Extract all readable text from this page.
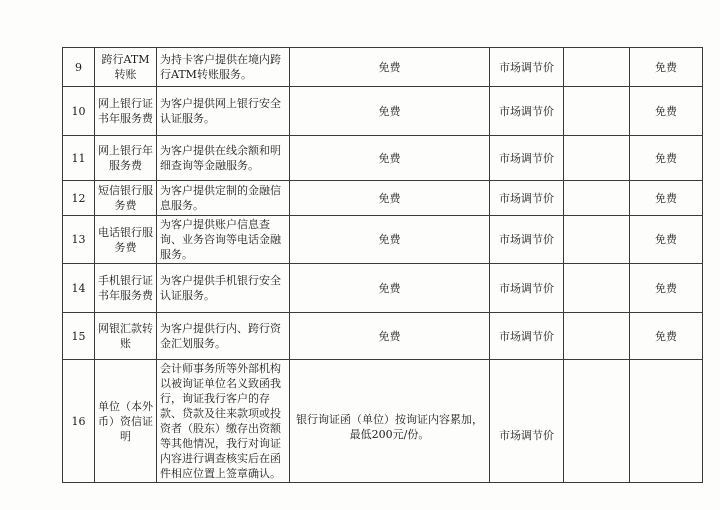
9	跨行ATM转账	为持卡客户提供在境内跨行ATM转账服务。	免费	市场调节价		免费
10	网上银行证书年服务费	为客户提供网上银行安全认证服务。	免费	市场调节价		免费
11	网上银行年服务费	为客户提供在线余额和明细查询等金融服务。	免费	市场调节价		免费
12	短信银行服务费	为客户提供定制的金融信息服务。	免费	市场调节价		免费
13	电话银行服务费	为客户提供账户信息查询、业务咨询等电话金融服务。	免费	市场调节价		免费
14	手机银行证书年服务费	为客户提供手机银行安全认证服务。	免费	市场调节价		免费
15	网银汇款转账	为客户提供行内、跨行资金汇划服务。	免费	市场调节价		免费
16	单位（本外币）资信证明	会计师事务所等外部机构以被询证单位名义致函我行，询证我行客户的存款、贷款及往来款项或投资者（股东）缴存出资额等其他情况，我行对询证内容进行调查核实后在函件相应位置上签章确认。	银行询证函（单位）按询证内容累加，最低200元/份。	市场调节价		
